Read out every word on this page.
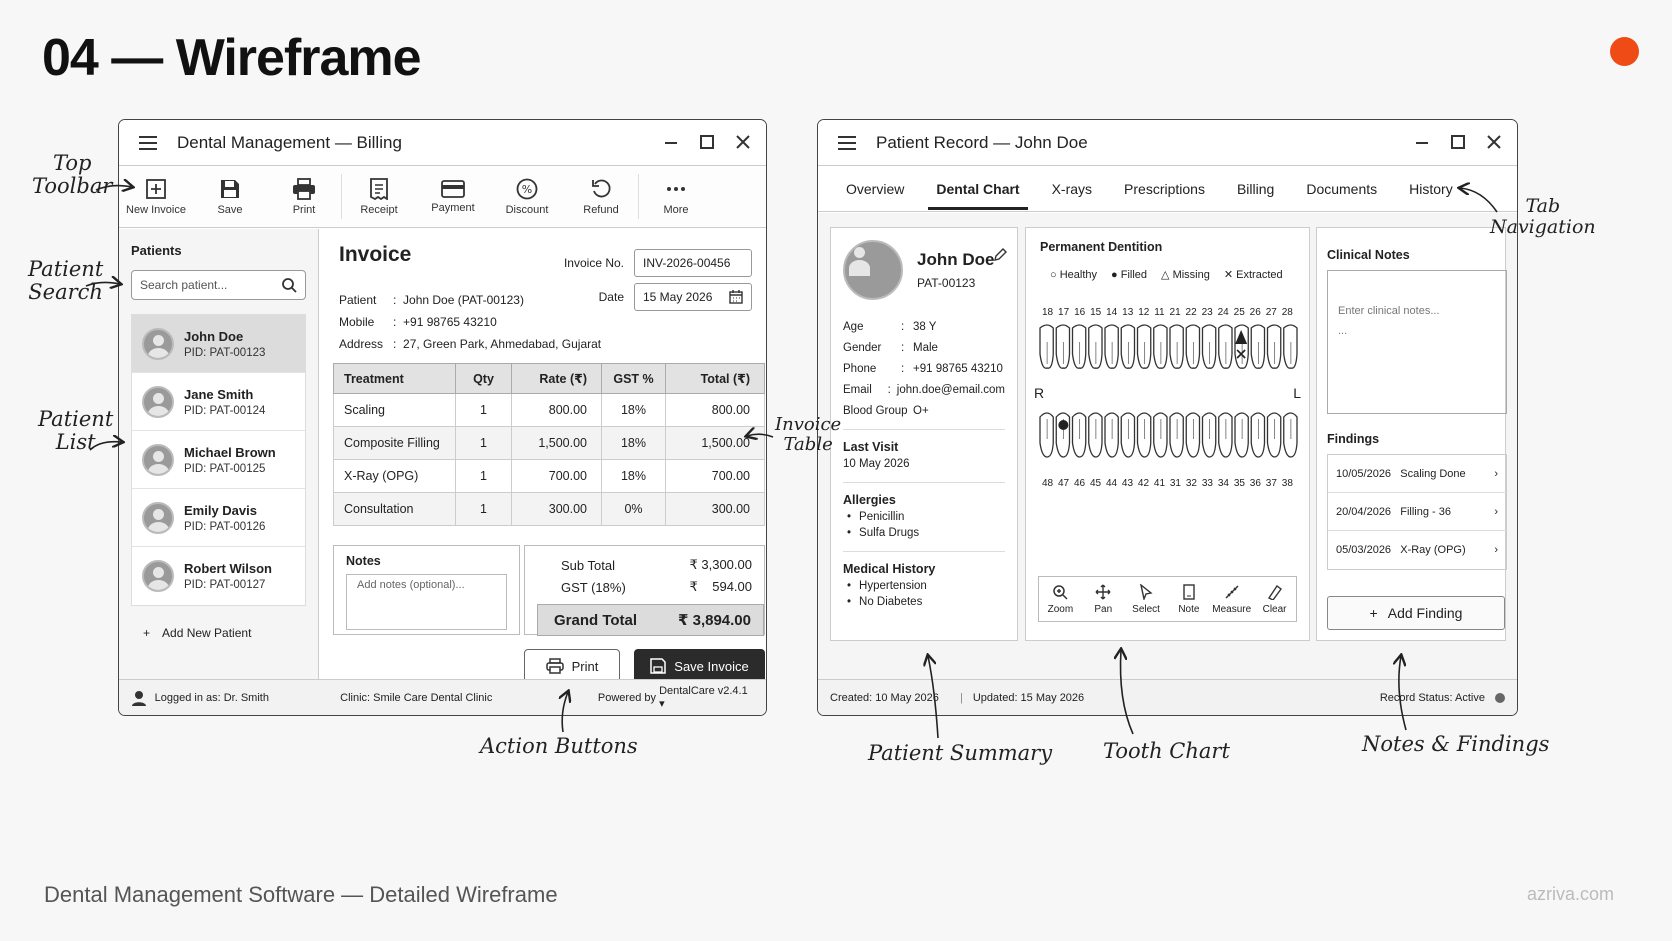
04 — Wireframe
Dental Management — Billing
New Invoice	Save	Print	Receipt	Payment
%
Discount	Refund	More
Patients
Search patient...
John Doe
PID: PAT-00123
Jane Smith
PID: PAT-00124
Michael Brown
PID: PAT-00125
Emily Davis
PID: PAT-00126
Robert Wilson
PID: PAT-00127
+ Add New Patient
Invoice	Invoice No. INV-2026-00456
Date 15 May 2026
Patient :  John Doe (PAT-00123)
Mobile :  +91 98765 43210
Address :  27, Green Park, Ahmedabad, Gujarat
Treatment	Qty	Rate (₹)	GST %	Total (₹)
Scaling	1	800.00	18%	800.00
Composite Filling	1	1,500.00	18%	1,500.00
X-Ray (OPG)	1	700.00	18%	700.00
Consultation	1	300.00	0%	300.00
Notes
Add notes (optional)...
Sub Total	₹ 3,300.00
GST (18%)	₹    594.00
Grand Total	₹ 3,894.00
Print	Save Invoice
Logged in as: Dr. Smith	Clinic: Smile Care Dental Clinic	Powered by
DentalCare v2.4.1 ▾
Patient Record — John Doe
Overview	Dental Chart	X-rays	Prescriptions	Billing	Documents	History
John Doe
PAT-00123
Age	: 38 Y
Gender	: Male
Phone	: +91 98765 43210
Email	: john.doe@email.com
Blood Group O+
Last Visit
10 May 2026
Allergies
• Penicillin
• Sulfa Drugs
Medical History
• Hypertension
• No Diabetes
Permanent Dentition
○ Healthy ● Filled △ Missing ✕ Extracted
18 17 16 15 14 13 12 11 21 22 23 24 25 26 27 28
R	L
48 47 46 45 44 43 42 41 31 32 33 34 35 36 37 38
Zoom Pan Select Note Measure Clear
Clinical Notes

Enter clinical notes...
...

Findings
10/05/2026 Scaling Done	›
20/04/2026 Filling - 36	›
05/03/2026 X-Ray (OPG)	›
+ Add Finding
Created: 10 May 2026	| Updated: 15 May 2026	Record Status: Active
Top
Toolbar
Patient
Search
Patient
List
Invoice
Table
Action Buttons
Tab
Navigation
Patient Summary Tooth Chart	Notes & Findings
Dental Management Software — Detailed Wireframe	azriva.com
